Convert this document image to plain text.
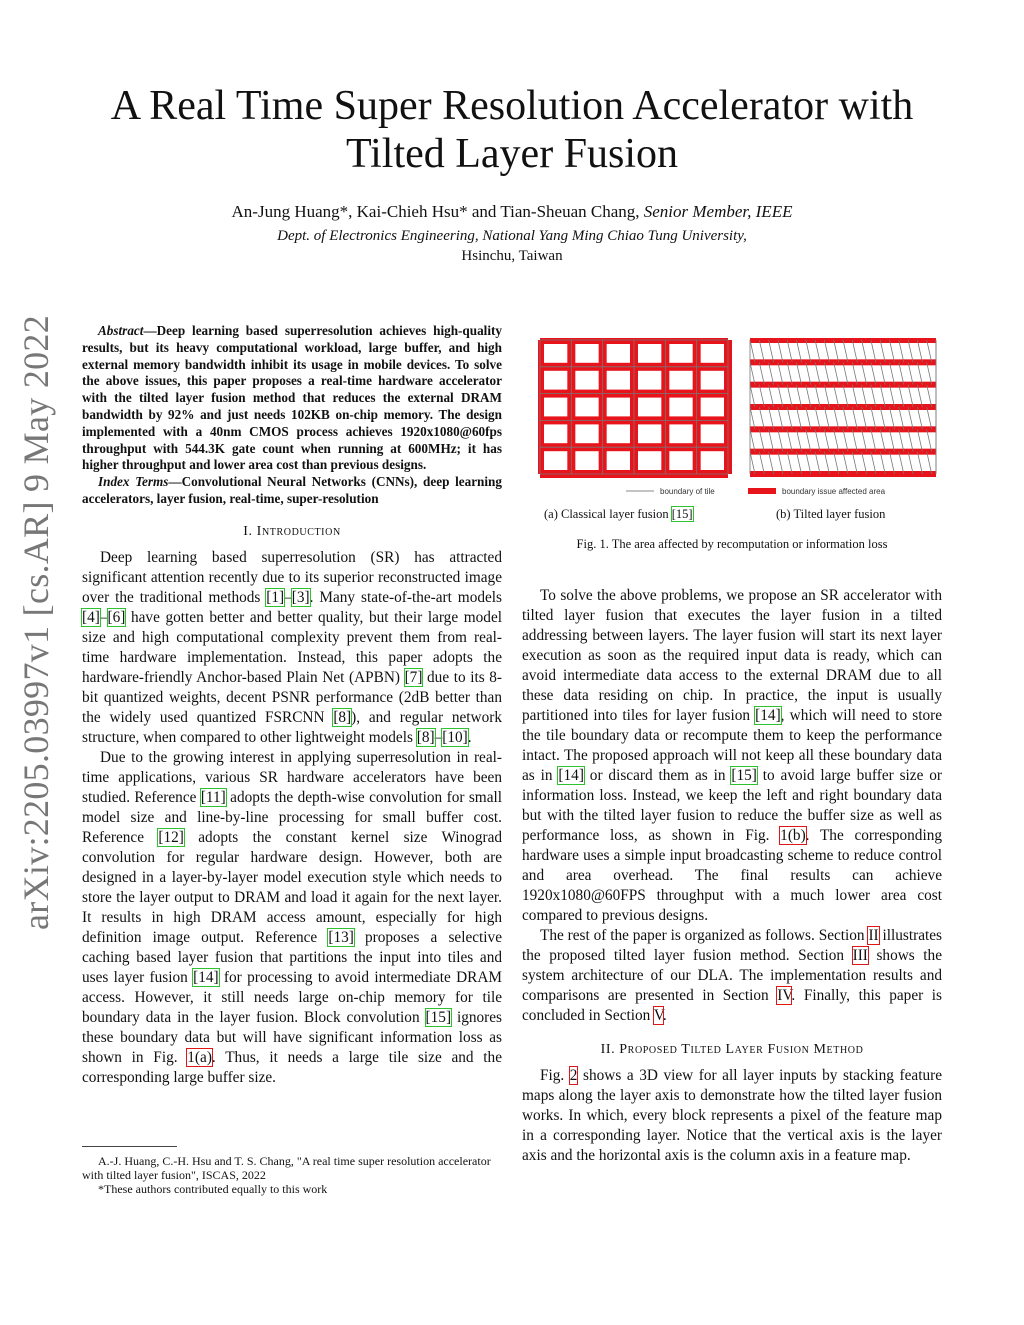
arXiv:2205.03997v1 [cs.AR] 9 May 2022
A Real Time Super Resolution Accelerator with Tilted Layer Fusion
An-Jung Huang*, Kai-Chieh Hsu* and Tian-Sheuan Chang, Senior Member, IEEE
Dept. of Electronics Engineering, National Yang Ming Chiao Tung University,
Hsinchu, Taiwan

Abstract—Deep learning based superresolution achieves high-quality results, but its heavy computational workload, large buffer, and high external memory bandwidth inhibit its usage in mobile devices. To solve the above issues, this paper proposes a real-time hardware accelerator with the tilted layer fusion method that reduces the external DRAM bandwidth by 92% and just needs 102KB on-chip memory. The design implemented with a 40nm CMOS process achieves 1920x1080@60fps throughput with 544.3K gate count when running at 600MHz; it has higher throughput and lower area cost than previous designs.

Index Terms—Convolutional Neural Networks (CNNs), deep learning accelerators, layer fusion, real-time, super-resolution

I. Introduction

Deep learning based superresolution (SR) has attracted significant attention recently due to its superior reconstructed image over the traditional methods [1]–[3]. Many state-of-the-art models [4]–[6] have gotten better and better quality, but their large model size and high computational complexity prevent them from real-time hardware implementation. Instead, this paper adopts the hardware-friendly Anchor-based Plain Net (APBN) [7] due to its 8-bit quantized weights, decent PSNR performance (2dB better than the widely used quantized FSRCNN [8]), and regular network structure, when compared to other lightweight models [8]–[10].

Due to the growing interest in applying superresolution in real-time applications, various SR hardware accelerators have been studied. Reference [11] adopts the depth-wise convolution for small model size and line-by-line processing for small buffer cost. Reference [12] adopts the constant kernel size Winograd convolution for regular hardware design. However, both are designed in a layer-by-layer model execution style which needs to store the layer output to DRAM and load it again for the next layer. It results in high DRAM access amount, especially for high definition image output. Reference [13] proposes a selective caching based layer fusion that partitions the input into tiles and uses layer fusion [14] for processing to avoid intermediate DRAM access. However, it still needs large on-chip memory for tile boundary data in the layer fusion. Block convolution [15] ignores these boundary data but will have significant information loss as shown in Fig. 1(a). Thus, it needs a large tile size and the corresponding large buffer size.

A.-J. Huang, C.-H. Hsu and T. S. Chang, "A real time super resolution accelerator with tilted layer fusion", ISCAS, 2022
*These authors contributed equally to this work
boundary of tile	boundary issue affected area
(a) Classical layer fusion [15]	(b) Tilted layer fusion
Fig. 1. The area affected by recomputation or information loss

To solve the above problems, we propose an SR accelerator with tilted layer fusion that executes the layer fusion in a tilted addressing between layers. The layer fusion will start its next layer execution as soon as the required input data is ready, which can avoid intermediate data access to the external DRAM due to all these data residing on chip. In practice, the input is usually partitioned into tiles for layer fusion [14], which will need to store the tile boundary data or recompute them to keep the performance intact. The proposed approach will not keep all these boundary data as in [14] or discard them as in [15] to avoid large buffer size or information loss. Instead, we keep the left and right boundary data but with the tilted layer fusion to reduce the buffer size as well as performance loss, as shown in Fig. 1(b). The corresponding hardware uses a simple input broadcasting scheme to reduce control and area overhead. The final results can achieve 1920x1080@60FPS throughput with a much lower area cost compared to previous designs.

The rest of the paper is organized as follows. Section II illustrates the proposed tilted layer fusion method. Section III shows the system architecture of our DLA. The implementation results and comparisons are presented in Section IV. Finally, this paper is concluded in Section V.

II. Proposed Tilted Layer Fusion Method

Fig. 2 shows a 3D view for all layer inputs by stacking feature maps along the layer axis to demonstrate how the tilted layer fusion works. In which, every block represents a pixel of the feature map in a corresponding layer. Notice that the vertical axis is the layer axis and the horizontal axis is the column axis in a feature map.
